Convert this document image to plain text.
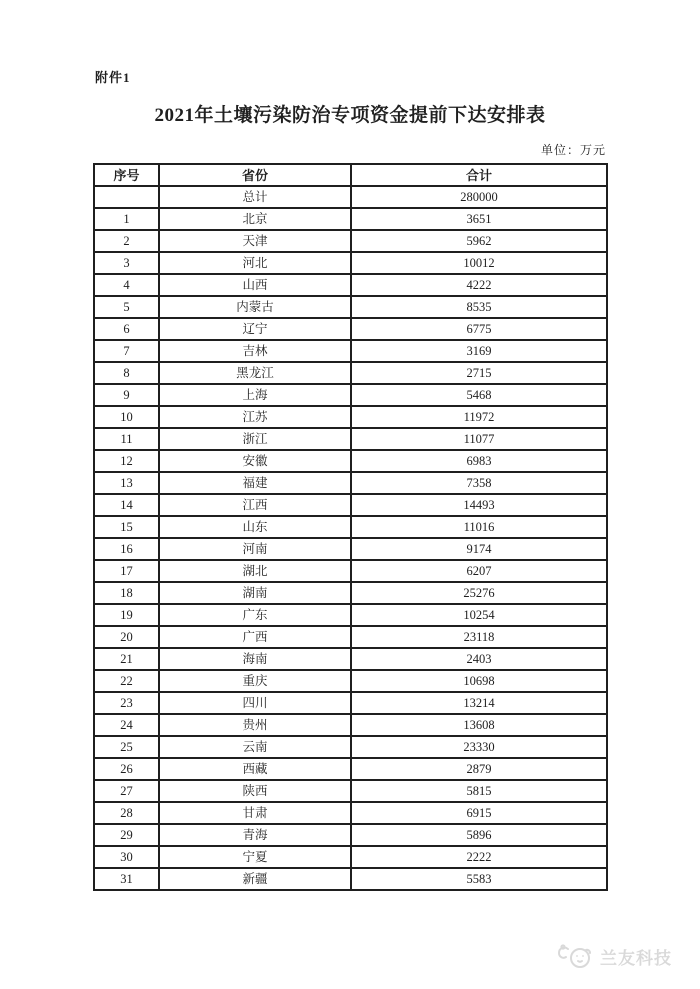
附件1
2021年土壤污染防治专项资金提前下达安排表
单位：万元
序号	省份	合计
	总计	280000
1	北京	3651
2	天津	5962
3	河北	10012
4	山西	4222
5	内蒙古	8535
6	辽宁	6775
7	吉林	3169
8	黑龙江	2715
9	上海	5468
10	江苏	11972
11	浙江	11077
12	安徽	6983
13	福建	7358
14	江西	14493
15	山东	11016
16	河南	9174
17	湖北	6207
18	湖南	25276
19	广东	10254
20	广西	23118
21	海南	2403
22	重庆	10698
23	四川	13214
24	贵州	13608
25	云南	23330
26	西藏	2879
27	陕西	5815
28	甘肃	6915
29	青海	5896
30	宁夏	2222
31	新疆	5583
兰友科技
